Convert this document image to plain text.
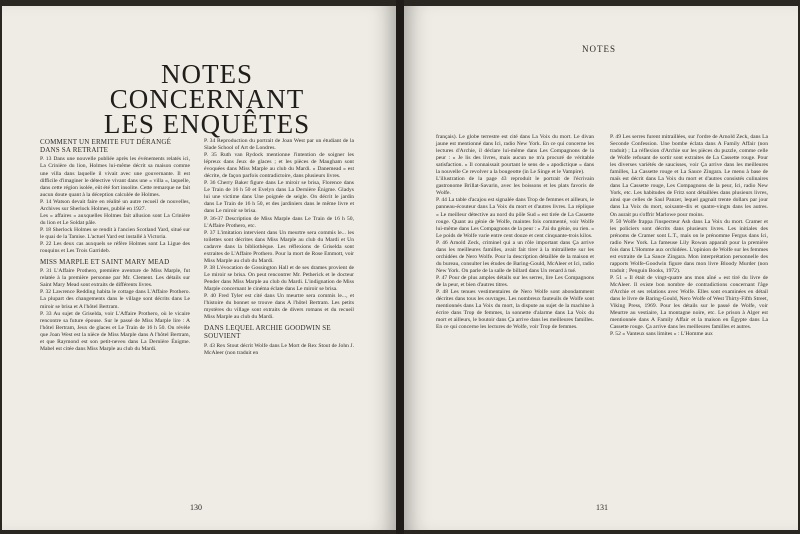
NOTES
CONCERNANT LES ENQUÊTES

COMMENT UN ERMITE FUT DÉRANGÉ DANS SA RETRAITE

P. 13 Dans une nouvelle publiée après les événements relatés ici, La Crinière du lion, Holmes lui-même décrit sa maison comme une villa dans laquelle il vivait avec une gouvernante. Il est difficile d'imaginer le détective vivant dans une « villa », laquelle, dans cette région isolée, eût été fort insolite. Cette remarque ne fait aucun doute quant à la déception calculée de Holmes.

P. 14 Watson devait faire en réalité un autre recueil de nouvelles, Archives sur Sherlock Holmes, publié en 1927.

Les « affaires » auxquelles Holmes fait allusion sont La Crinière du lion et Le Soldat pâle.

P. 18 Sherlock Holmes se rendit à l'ancien Scotland Yard, situé sur le quai de la Tamise. L'actuel Yard est installé à Victoria.

P. 22 Les deux cas auxquels se réfère Holmes sont La Ligue des rouquins et Les Trois Garrideb.

MISS MARPLE ET SAINT MARY MEAD

P. 31 L'Affaire Prothero, première aventure de Miss Marple, fut relatée à la première personne par Mr. Clement. Les détails sur Saint Mary Mead sont extraits de différents livres.

P. 32 Lawrence Redding habita le cottage dans L'Affaire Prothero. La plupart des changements dans le village sont décrits dans Le miroir se brisa et A l'hôtel Bertram.

P. 33 Au sujet de Griselda, voir L'Affaire Prothero, où le vicaire rencontre sa future épouse. Sur le passé de Miss Marple lire : A l'hôtel Bertram, Jeux de glaces et Le Train de 16 h 50. On révèle que Joan West est la nièce de Miss Marple dans A l'hôtel Bertram, et que Raymond est son petit-neveu dans La Dernière Énigme. Mabel est citée dans Miss Marple au club du Mardi.

P. 34 Reproduction du portrait de Joan West par un étudiant de la Slade School of Art de Londres.

P. 35 Ruth van Rydock mentionne l'intention de soigner les lépreux dans Jeux de glaces ; et les pièces de Maugham sont évoquées dans Miss Marple au club du Mardi. « Danemead » est décrite, de façon parfois contradictoire, dans plusieurs livres.

P. 36 Cherry Baker figure dans Le miroir se brisa, Florence dans Le Train de 16 h 50 et Evelyn dans La Dernière Énigme. Gladys lui une victime dans Une poignée de seigle. On décrit le jardin dans Le Train de 16 h 50, et des jardiniers dans le même livre et dans Le miroir se brisa.

P. 36-37 Description de Miss Marple dans Le Train de 16 h 50, L'Affaire Prothero, etc.

P. 37 L'imitation intervient dans Un meurtre sera commis le... les toilettes sont décrites dans Miss Marple au club du Mardi et Un cadavre dans la bibliothèque. Les réflexions de Griselda sont extraites de L'Affaire Prothero. Pour la mort de Rose Emmott, voir Miss Marple au club du Mardi.

P. 38 L'évocation de Gossington Hall et de ses drames provient de Le miroir se brisa. On peut rencontrer Mr. Petherick et le docteur Pender dans Miss Marple au club du Mardi. L'indignation de Miss Marple concernant le cinéma éclate dans Le miroir se brisa.

P. 40 Fred Tyler est cité dans Un meurtre sera commis le..., et l'histoire du bonnet se trouve dans A l'hôtel Bertram. Les petits mystères du village sont extraits de divers romans et du recueil Miss Marple au club du Mardi.

DANS LEQUEL ARCHIE GOODWIN SE SOUVIENT

P. 43 Rex Stout décrit Wolfe dans Le Mort de Rex Stout de John J. McAleer (non traduit en

130
NOTES

français). Le globe terrestre est cité dans La Voix du mort. Le divan jaune est mentionné dans Ici, radio New York. En ce qui concerne les lectures d'Archie, il déclare lui-même dans Les Compagnons de la peur : « Je lis des livres, mais aucun ne m'a procuré de véritable satisfaction. » Il connaissait pourtant le sens de « apodictique » dans la nouvelle Ce revolver a la bougeotte (in Le Singe et le Vampire).

L'illustration de la page 43 reproduit le portrait de l'écrivain gastronome Brillat-Savarin, avec les boissons et les plats favoris de Wolfe.

P. 44 La table d'acajou est signalée dans Trop de femmes et ailleurs, le panneau-écouteur dans La Voix du mort et d'autres livres. La réplique « Le meilleur détective au nord du pôle Sud » est tirée de La Cassette rouge. Quant au génie de Wolfe, maintes fois commenté, voir Wolfe lui-même dans Les Compagnons de la peur : « J'ai du génie, ou rien. » Le poids de Wolfe varie entre cent douze et cent cinquante-trois kilos.

P. 46 Arnold Zeck, criminel qui a un rôle important dans Ça arrive dans les meilleures familles, avait fait tirer à la mitraillette sur les orchidées de Nero Wolfe. Pour la description détaillée de la maison et du bureau, consulter les études de Baring-Gould, McAleer et Ici, radio New York. On parle de la salle de billard dans Un renard à tué.

P. 47 Pour de plus amples détails sur les serres, lire Les Compagnons de la peur, et bien d'autres titres.

P. 48 Les tenues vestimentaires de Nero Wolfe sont abondamment décrites dans tous les ouvrages. Les nombreux fauteuils de Wolfe sont mentionnés dans La Voix du mort, la dispute au sujet de la machine à écrire dans Trop de femmes, la sonnette d'alarme dans La Voix du mort et ailleurs, le boutoir dans Ça arrive dans les meilleures familles. En ce qui concerne les lectures de Wolfe, voir Trop de femmes.

P. 49 Les serres furent mitraillées, sur l'ordre de Arnold Zeck, dans La Seconde Confession. Une bombe éclata dans A Family Affair (non traduit) ; La réflexion d'Archie sur les pièces du puzzle, comme celle de Wolfe refusant de sortir sont extraites de La Cassette rouge. Pour les diverses variétés de saucisses, voir Ça arrive dans les meilleures familles, La Cassette rouge et La Sauce Zingara. Le menu à base de maïs est décrit dans La Voix du mort et d'autres consistés culinaires dans La Cassette rouge, Les Compagnons de la peur, Ici, radio New York, etc. Les habitudes de Fritz sont détaillées dans plusieurs livres, ainsi que celles de Saul Panzer, lequel gagnait trente dollars par jour dans La Voix du mort, soixante-dix et quatre-vingts dans les autres. On aurait pu s'offrir Marlowe pour moins.

P. 50 Wolfe frappa l'inspecteur Ash dans La Voix du mort. Cramer et les policiers sont décrits dans plusieurs livres. Les initiales des prénoms de Cramer sont L.T., mais on le prénomme Fergus dans Ici, radio New York. La fameuse Lily Rowan apparaît pour la première fois dans L'Homme aux orchidées. L'opinion de Wolfe sur les femmes est extraite de La Sauce Zingara. Mon interprétation personnelle des rapports Wolfe-Goodwin figure dans mon livre Bloody Murder (non traduit ; Penguin Books, 1972).

P. 51 « Il était de vingt-quatre ans mon aîné » est tiré du livre de McAleer. Il existe bon nombre de contradictions concernant l'âge d'Archie et ses relations avec Wolfe. Elles sont examinées en détail dans le livre de Baring-Gould, Nero Wolfe of West Thirty-Fifth Street, Viking Press, 1969. Pour les détails sur le passé de Wolfe, voir Meurtre au vestiaire, La montagne noire, etc. Le prison à Alger est mentionnée dans A Family Affair et la maison en Égypte dans La Cassette rouge. Ça arrive dans les meilleures familles et autres.

P. 52 « Vanteux sans limites » : L'Homme aux

131
